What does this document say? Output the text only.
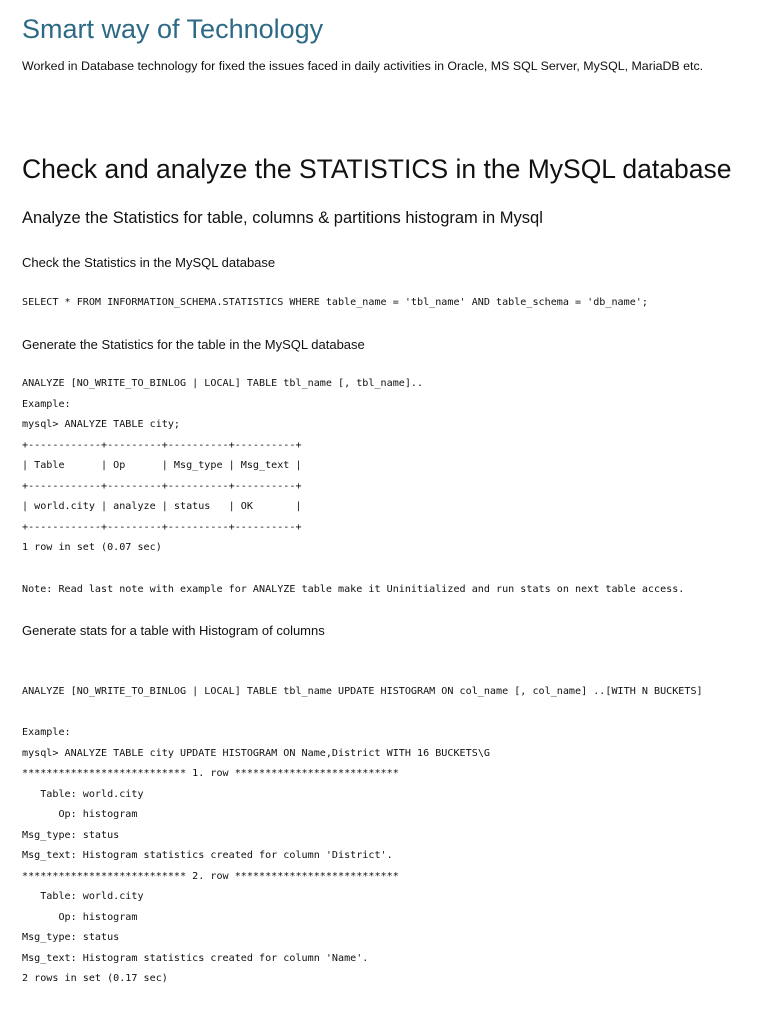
Smart way of Technology
Worked in Database technology for fixed the issues faced in daily activities in Oracle, MS SQL Server, MySQL, MariaDB etc.
Check and analyze the STATISTICS in the MySQL database
Analyze the Statistics for table, columns & partitions histogram in Mysql
Check the Statistics in the MySQL database
SELECT * FROM INFORMATION_SCHEMA.STATISTICS WHERE table_name = 'tbl_name' AND table_schema = 'db_name';
Generate the Statistics for the table in the MySQL database
ANALYZE [NO_WRITE_TO_BINLOG | LOCAL] TABLE tbl_name [, tbl_name]..
Example:
mysql> ANALYZE TABLE city;
+------------+---------+----------+----------+
| Table      | Op      | Msg_type | Msg_text |
+------------+---------+----------+----------+
| world.city | analyze | status   | OK       |
+------------+---------+----------+----------+
1 row in set (0.07 sec)
Note: Read last note with example for ANALYZE table make it Uninitialized and run stats on next table access.
Generate stats for a table with Histogram of columns
ANALYZE [NO_WRITE_TO_BINLOG | LOCAL] TABLE tbl_name UPDATE HISTOGRAM ON col_name [, col_name] ..[WITH N BUCKETS]
Example:
mysql> ANALYZE TABLE city UPDATE HISTOGRAM ON Name,District WITH 16 BUCKETS\G
*************************** 1. row ***************************
Table: world.city
Op: histogram
Msg_type: status
Msg_text: Histogram statistics created for column 'District'.
*************************** 2. row ***************************
Table: world.city
Op: histogram
Msg_type: status
Msg_text: Histogram statistics created for column 'Name'.
2 rows in set (0.17 sec)
